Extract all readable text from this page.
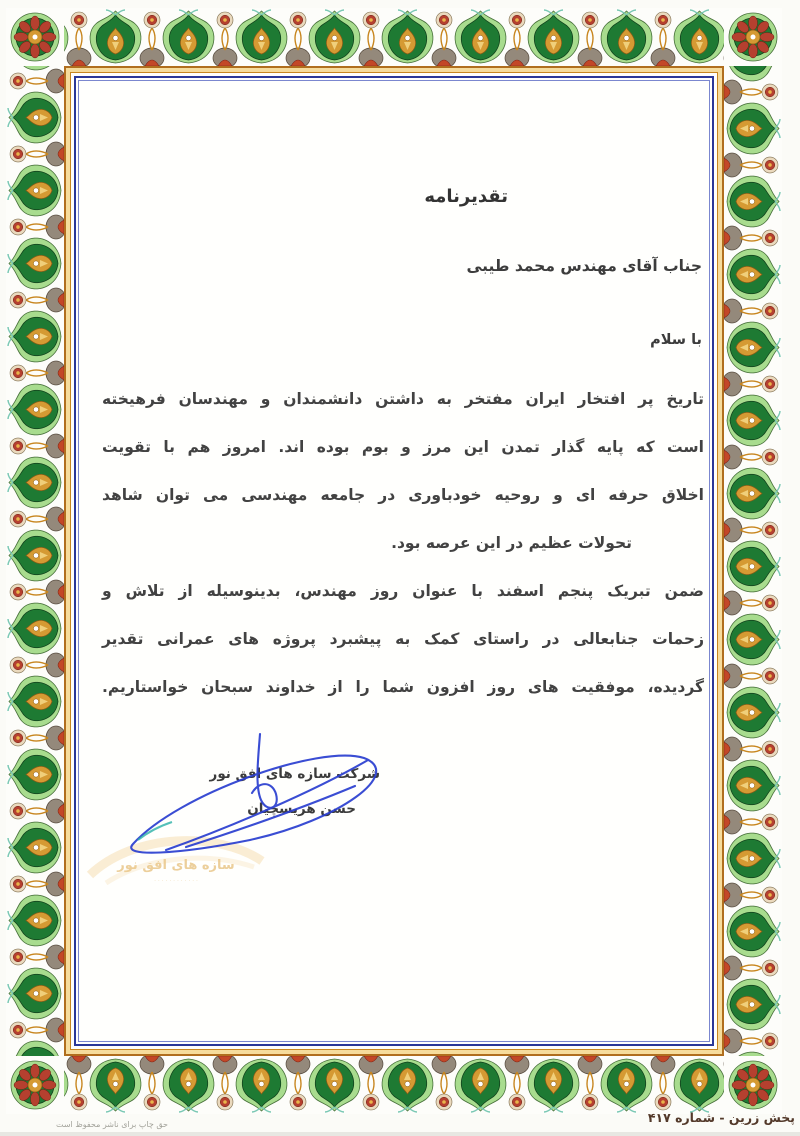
تقدیرنامه
جناب آقای مهندس محمد طیبی
با سلام
تاریخ پر افتخار ایران مفتخر به داشتن دانشمندان و مهندسان فرهیخته
است که پایه گذار تمدن این مرز و بوم بوده اند. امروز هم با تقویت
اخلاق حرفه ای و روحیه خودباوری در جامعه مهندسی می توان شاهد
تحولات عظیم در این عرصه بود.
ضمن تبریک پنجم اسفند با عنوان روز مهندس، بدینوسیله از تلاش و
زحمات جنابعالی در راستای کمک به پیشبرد پروژه های عمرانی تقدیر
گردیده، موفقیت های روز افزون شما را از خداوند سبحان خواستاریم.
سازه های افق نور
· · · · · · · · · · · ·
شرکت سازه های افق نور
حسن هریسچیان
پخش زرین - شماره ۴۱۷
حق چاپ برای ناشر محفوظ است
